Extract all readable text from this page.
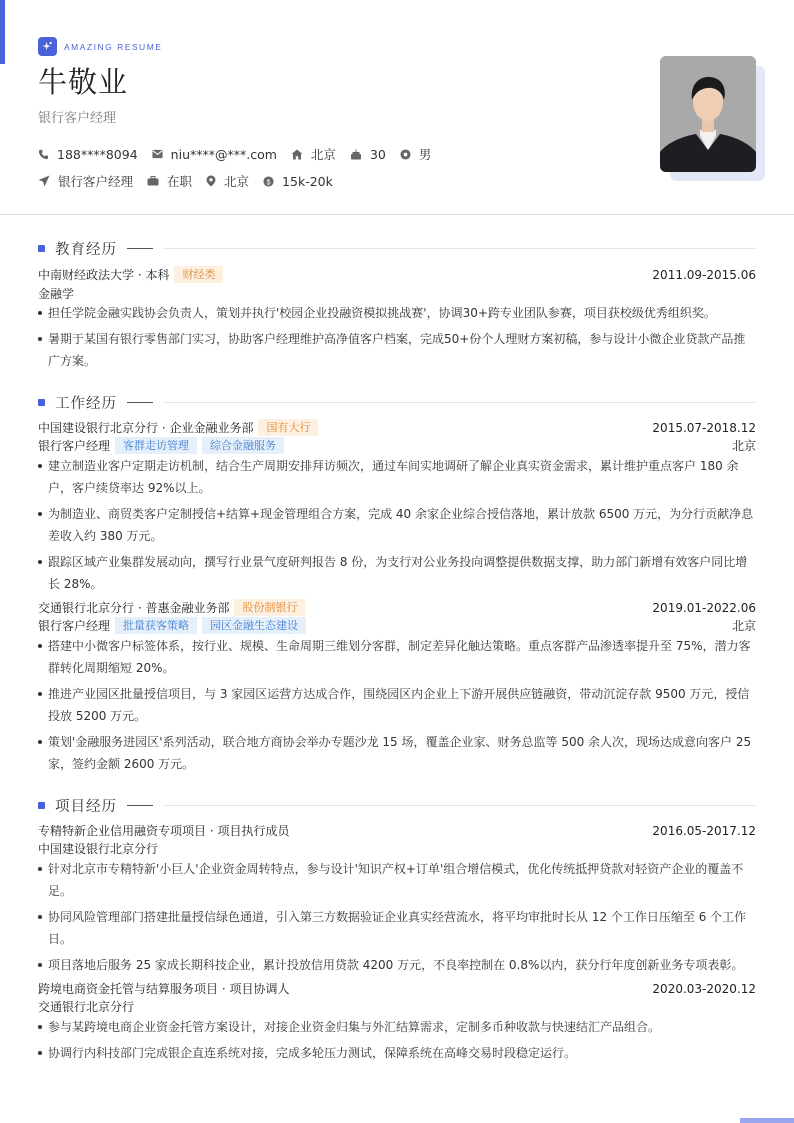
AMAZING RESUME
牛敬业
银行客户经理
188****8094	niu****@***.com	北京	30	男
银行客户经理	在职	北京 $ 15k-20k
教育经历
中南财经政法大学 · 本科	财经类	2011.09-2015.06
金融学
担任学院金融实践协会负责人，策划并执行'校园企业投融资模拟挑战赛'，协调30+跨专业团队参赛，项目获校级优秀组织奖。
暑期于某国有银行零售部门实习，协助客户经理维护高净值客户档案，完成50+份个人理财方案初稿，参与设计小微企业贷款产品推广方案。
工作经历
中国建设银行北京分行 · 企业金融业务部	国有大行	2015.07-2018.12
银行客户经理	客群走访管理	综合金融服务	北京
建立制造业客户定期走访机制，结合生产周期安排拜访频次，通过车间实地调研了解企业真实资金需求，累计维护重点客户 180 余户，客户续贷率达 92%以上。
为制造业、商贸类客户定制授信+结算+现金管理组合方案，完成 40 余家企业综合授信落地，累计放款 6500 万元，为分行贡献净息差收入约 380 万元。
跟踪区域产业集群发展动向，撰写行业景气度研判报告 8 份，为支行对公业务投向调整提供数据支撑，助力部门新增有效客户同比增长 28%。
交通银行北京分行 · 普惠金融业务部	股份制银行	2019.01-2022.06
银行客户经理	批量获客策略	园区金融生态建设	北京
搭建中小微客户标签体系，按行业、规模、生命周期三维划分客群，制定差异化触达策略。重点客群产品渗透率提升至 75%，潜力客群转化周期缩短 20%。
推进产业园区批量授信项目，与 3 家园区运营方达成合作，围绕园区内企业上下游开展供应链融资，带动沉淀存款 9500 万元，授信投放 5200 万元。
策划'金融服务进园区'系列活动，联合地方商协会举办专题沙龙 15 场，覆盖企业家、财务总监等 500 余人次，现场达成意向客户 25 家，签约金额 2600 万元。
项目经历
专精特新企业信用融资专项项目 · 项目执行成员	2016.05-2017.12
中国建设银行北京分行
针对北京市专精特新'小巨人'企业资金周转特点，参与设计'知识产权+订单'组合增信模式，优化传统抵押贷款对轻资产企业的覆盖不足。
协同风险管理部门搭建批量授信绿色通道，引入第三方数据验证企业真实经营流水，将平均审批时长从 12 个工作日压缩至 6 个工作日。
项目落地后服务 25 家成长期科技企业，累计投放信用贷款 4200 万元，不良率控制在 0.8%以内，获分行年度创新业务专项表彰。
跨境电商资金托管与结算服务项目 · 项目协调人	2020.03-2020.12
交通银行北京分行
参与某跨境电商企业资金托管方案设计，对接企业资金归集与外汇结算需求，定制多币种收款与快速结汇产品组合。
协调行内科技部门完成银企直连系统对接，完成多轮压力测试，保障系统在高峰交易时段稳定运行。
